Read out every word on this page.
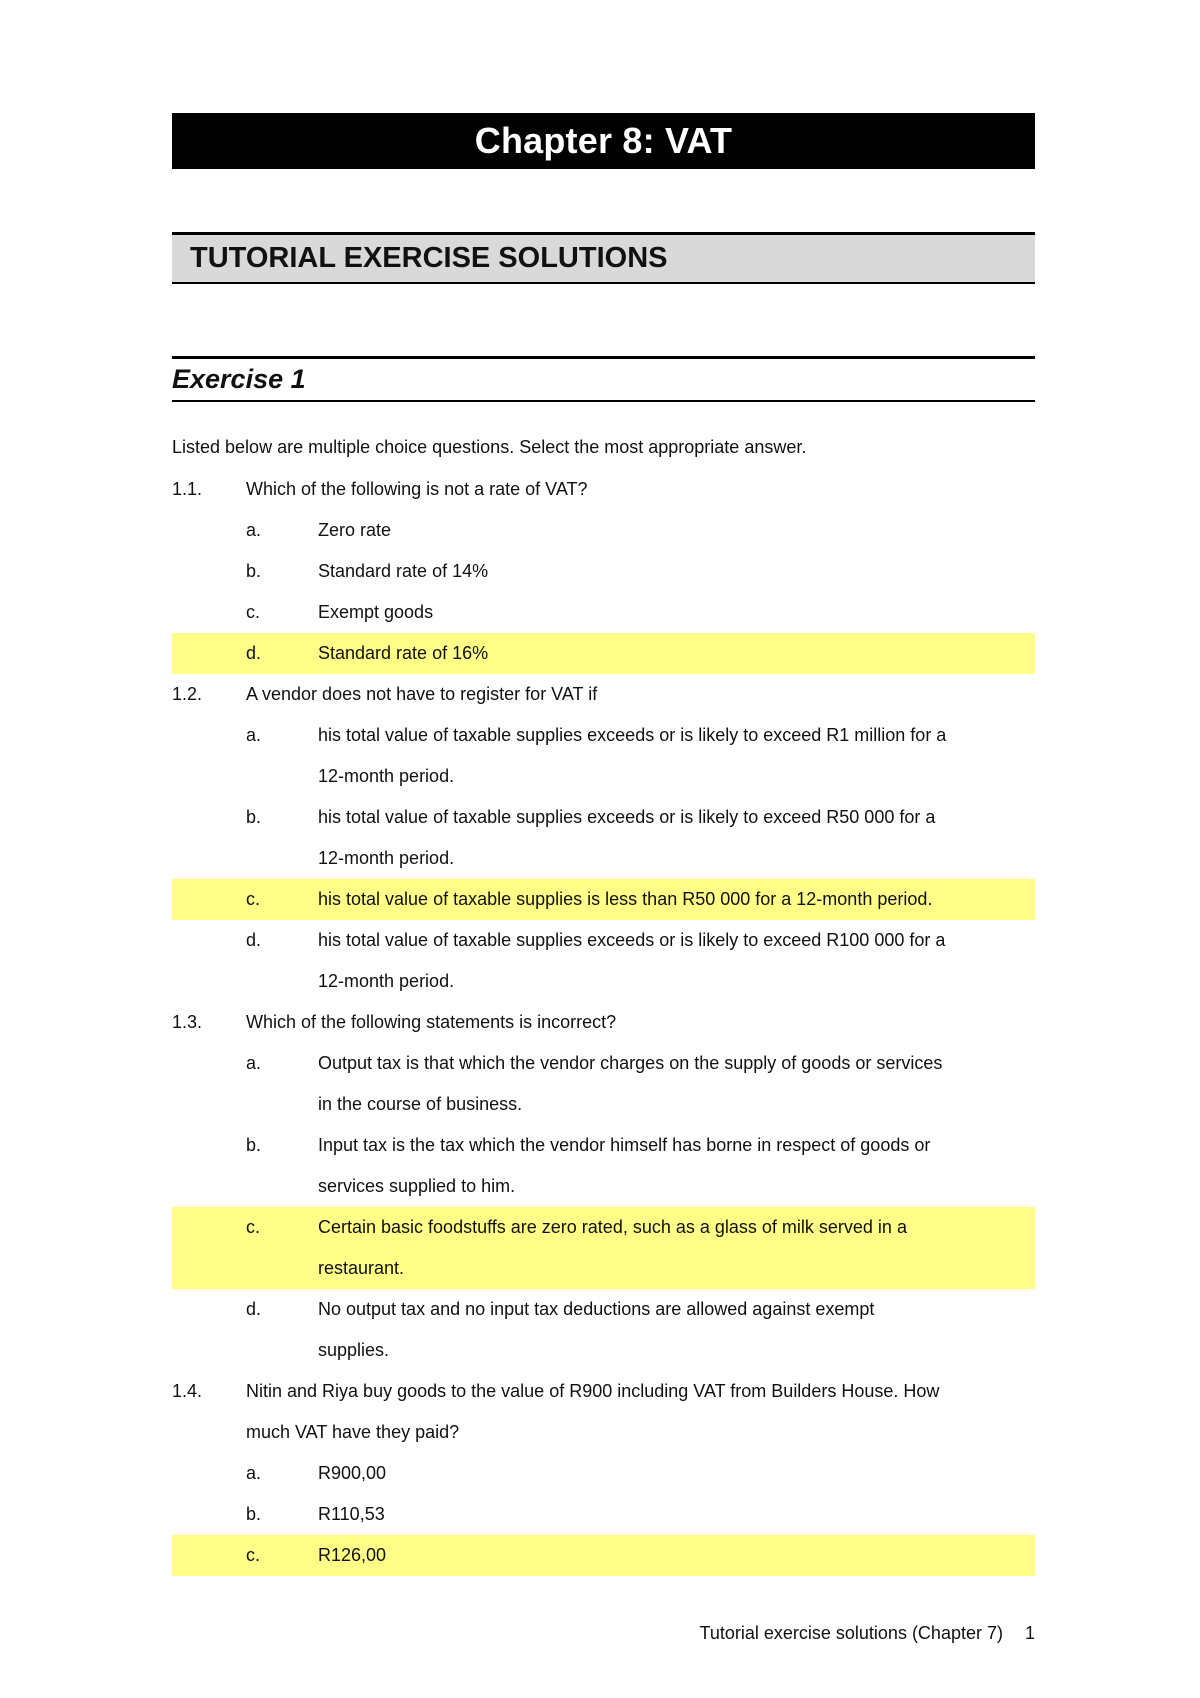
Chapter 8: VAT
TUTORIAL EXERCISE SOLUTIONS
Exercise 1
Listed below are multiple choice questions. Select the most appropriate answer.
1.1. Which of the following is not a rate of VAT?
a.	Zero rate
b.	Standard rate of 14%
c.	Exempt goods
d.	Standard rate of 16%
1.2. A vendor does not have to register for VAT if
a.	his total value of taxable supplies exceeds or is likely to exceed R1 million for a
12-month period.
b.	his total value of taxable supplies exceeds or is likely to exceed R50 000 for a
12-month period.
c.	his total value of taxable supplies is less than R50 000 for a 12-month period.
d.	his total value of taxable supplies exceeds or is likely to exceed R100 000 for a
12-month period.
1.3. Which of the following statements is incorrect?
a.	Output tax is that which the vendor charges on the supply of goods or services
in the course of business.
b.	Input tax is the tax which the vendor himself has borne in respect of goods or
services supplied to him.
c.	Certain basic foodstuffs are zero rated, such as a glass of milk served in a
restaurant.
d.	No output tax and no input tax deductions are allowed against exempt
supplies.
1.4. Nitin and Riya buy goods to the value of R900 including VAT from Builders House. How
much VAT have they paid?
a.	R900,00
b.	R110,53
c.	R126,00
Tutorial exercise solutions (Chapter 7) 1
